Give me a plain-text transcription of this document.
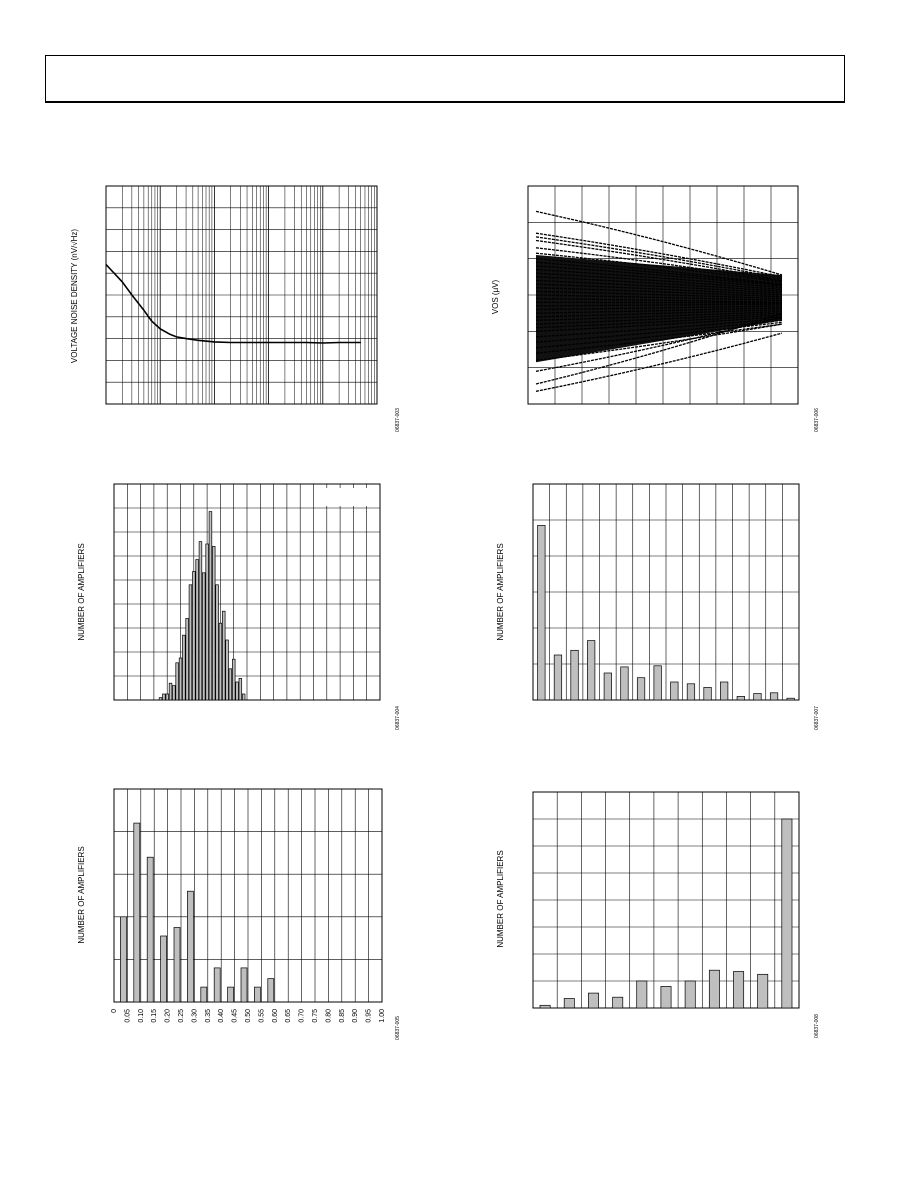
VOLTAGE NOISE DENSITY (nV/√Hz)
06837-003
VOS (μV)
06837-006
NUMBER OF AMPLIFIERS
06837-004
NUMBER OF AMPLIFIERS
06837-007
NUMBER OF AMPLIFIERS
06837-005
0 0.05 0.10 0.15 0.20 0.25 0.30 0.35 0.40 0.45 0.50 0.55 0.60 0.65 0.70 0.75 0.80 0.85 0.90 0.95 1.00
NUMBER OF AMPLIFIERS
06837-008
